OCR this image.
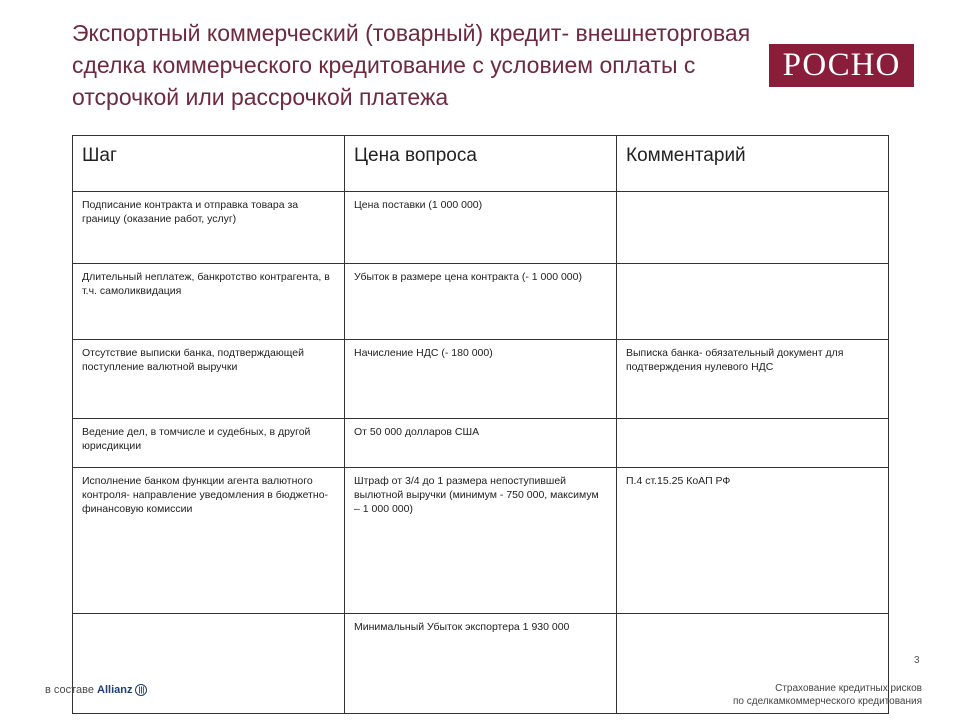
Экспортный коммерческий (товарный) кредит- внешнеторговая
сделка коммерческого кредитование с условием оплаты с
отсрочкой или рассрочкой платежа
РОСНО
Шаг	Цена вопроса	Комментарий
Подписание контракта и отправка товара за границу (оказание работ, услуг)	Цена поставки (1 000 000)	
Длительный неплатеж, банкротство контрагента, в т.ч. самоликвидация	Убыток в размере цена контракта (- 1 000 000)	
Отсутствие выписки банка, подтверждающей поступление валютной выручки	Начисление НДС (- 180 000)	Выписка банка- обязательный документ для подтверждения нулевого НДС
Ведение дел, в томчисле и судебных, в другой юрисдикции	От 50 000 долларов США	
Исполнение банком функции агента валютного контроля- направление уведомления в бюджетно-финансовую комиссии	Штраф от 3/4 до 1 размера непоступившей вылютной выручки (минимум - 750 000, максимум – 1 000 000)	П.4 ст.15.25 КоАП РФ
	Минимальный Убыток экспортера 1 930 000	
3
в составе Allianz |||	Страхование кредитных рисков
по сделкамкоммерческого кредитования
